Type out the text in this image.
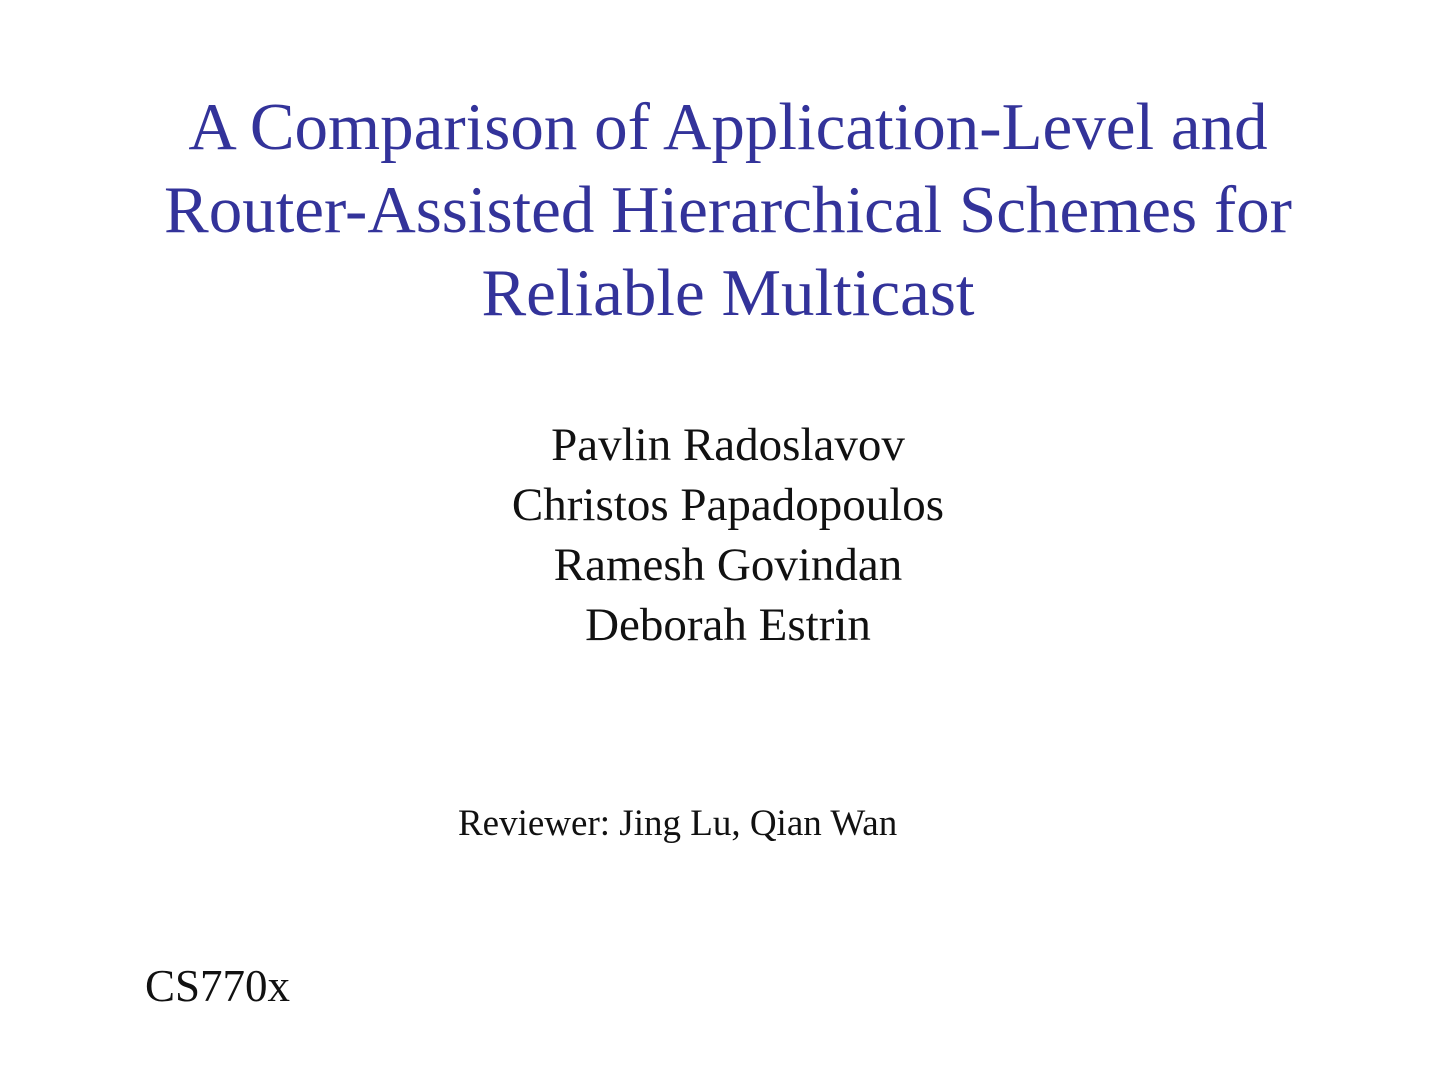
A Comparison of Application-Level and
Router-Assisted Hierarchical Schemes for
Reliable Multicast
Pavlin Radoslavov
Christos Papadopoulos
Ramesh Govindan
Deborah Estrin
Reviewer: Jing Lu, Qian Wan
CS770x
